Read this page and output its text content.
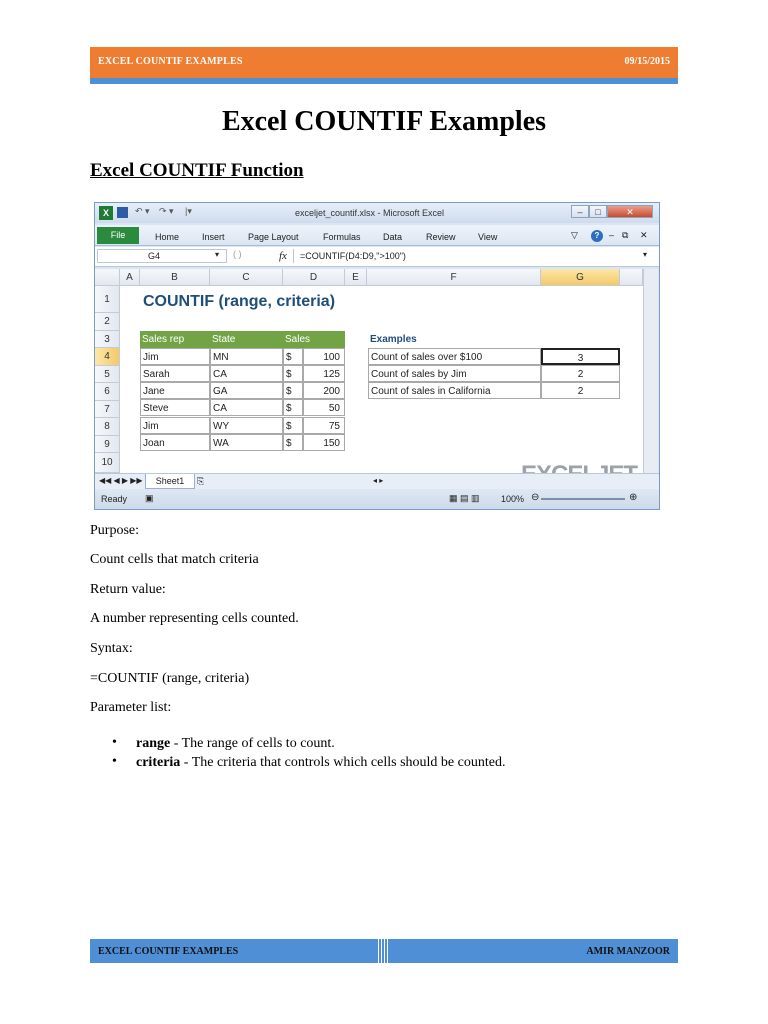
EXCEL COUNTIF EXAMPLES	09/15/2015
Excel COUNTIF Examples
Excel COUNTIF Function
X	↶ ▾ ↷ ▾ |▾	exceljet_countif.xlsx - Microsoft Excel	–	□	✕
File	Home	Insert	Page Layout	Formulas Data	Review View	▽	?	– ⧉ ✕
G4	▾ ( )	fx	=COUNTIF(D4:D9,">100")	▾
A	B	C	D	E	F	G
1
2
3
4
5
6
7
8
9
10
COUNTIF (range, criteria)
Sales rep	State	Sales
Jim	MN	$	100
Sarah	CA	$	125
Jane	GA	$	200
Steve	CA	$	50
Jim	WY	$	75
Joan	WA	$	150
Examples
Count of sales over $100	3
Count of sales by Jim	2
Count of sales in California	2
◀◀ ◀ ▶ ▶▶	Sheet1	⎘	◂ ▸
Ready ▣	▦ ▤ ▥ 100% ⊖	⊕
Purpose:
Count cells that match criteria
Return value:
A number representing cells counted.
Syntax:
=COUNTIF (range, criteria)
Parameter list:
• range - The range of cells to count.
• criteria - The criteria that controls which cells should be counted.
EXCEL COUNTIF EXAMPLES	AMIR MANZOOR
